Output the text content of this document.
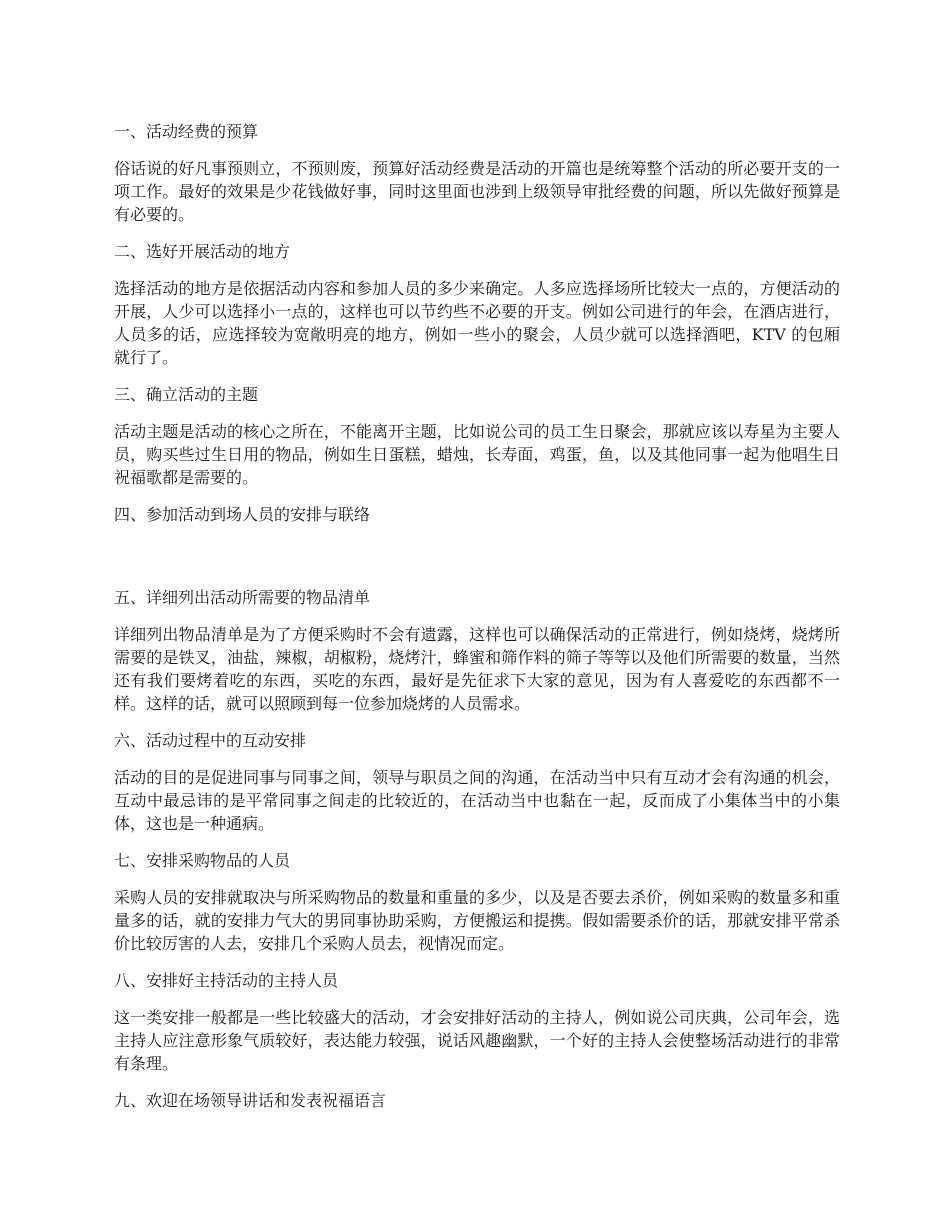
一、活动经费的预算

俗话说的好凡事预则立，不预则废，预算好活动经费是活动的开篇也是统筹整个活动的所必要开支的一项工作。最好的效果是少花钱做好事，同时这里面也涉到上级领导审批经费的问题，所以先做好预算是有必要的。

二、选好开展活动的地方

选择活动的地方是依据活动内容和参加人员的多少来确定。人多应选择场所比较大一点的，方便活动的开展，人少可以选择小一点的，这样也可以节约些不必要的开支。例如公司进行的年会，在酒店进行，人员多的话，应选择较为宽敞明亮的地方，例如一些小的聚会，人员少就可以选择酒吧，KTV 的包厢就行了。

三、确立活动的主题

活动主题是活动的核心之所在，不能离开主题，比如说公司的员工生日聚会，那就应该以寿星为主要人员，购买些过生日用的物品，例如生日蛋糕，蜡烛，长寿面，鸡蛋，鱼，以及其他同事一起为他唱生日祝福歌都是需要的。

四、参加活动到场人员的安排与联络

五、详细列出活动所需要的物品清单

详细列出物品清单是为了方便采购时不会有遗露，这样也可以确保活动的正常进行，例如烧烤，烧烤所需要的是铁叉，油盐，辣椒，胡椒粉，烧烤汁，蜂蜜和筛作料的筛子等等以及他们所需要的数量，当然还有我们要烤着吃的东西，买吃的东西，最好是先征求下大家的意见，因为有人喜爱吃的东西都不一样。这样的话，就可以照顾到每一位参加烧烤的人员需求。

六、活动过程中的互动安排

活动的目的是促进同事与同事之间，领导与职员之间的沟通，在活动当中只有互动才会有沟通的机会，互动中最忌讳的是平常同事之间走的比较近的，在活动当中也黏在一起，反而成了小集体当中的小集体，这也是一种通病。

七、安排采购物品的人员

采购人员的安排就取决与所采购物品的数量和重量的多少，以及是否要去杀价，例如采购的数量多和重量多的话，就的安排力气大的男同事协助采购，方便搬运和提携。假如需要杀价的话，那就安排平常杀价比较厉害的人去，安排几个采购人员去，视情况而定。

八、安排好主持活动的主持人员

这一类安排一般都是一些比较盛大的活动，才会安排好活动的主持人，例如说公司庆典，公司年会，选主持人应注意形象气质较好，表达能力较强，说话风趣幽默，一个好的主持人会使整场活动进行的非常有条理。

九、欢迎在场领导讲话和发表祝福语言
